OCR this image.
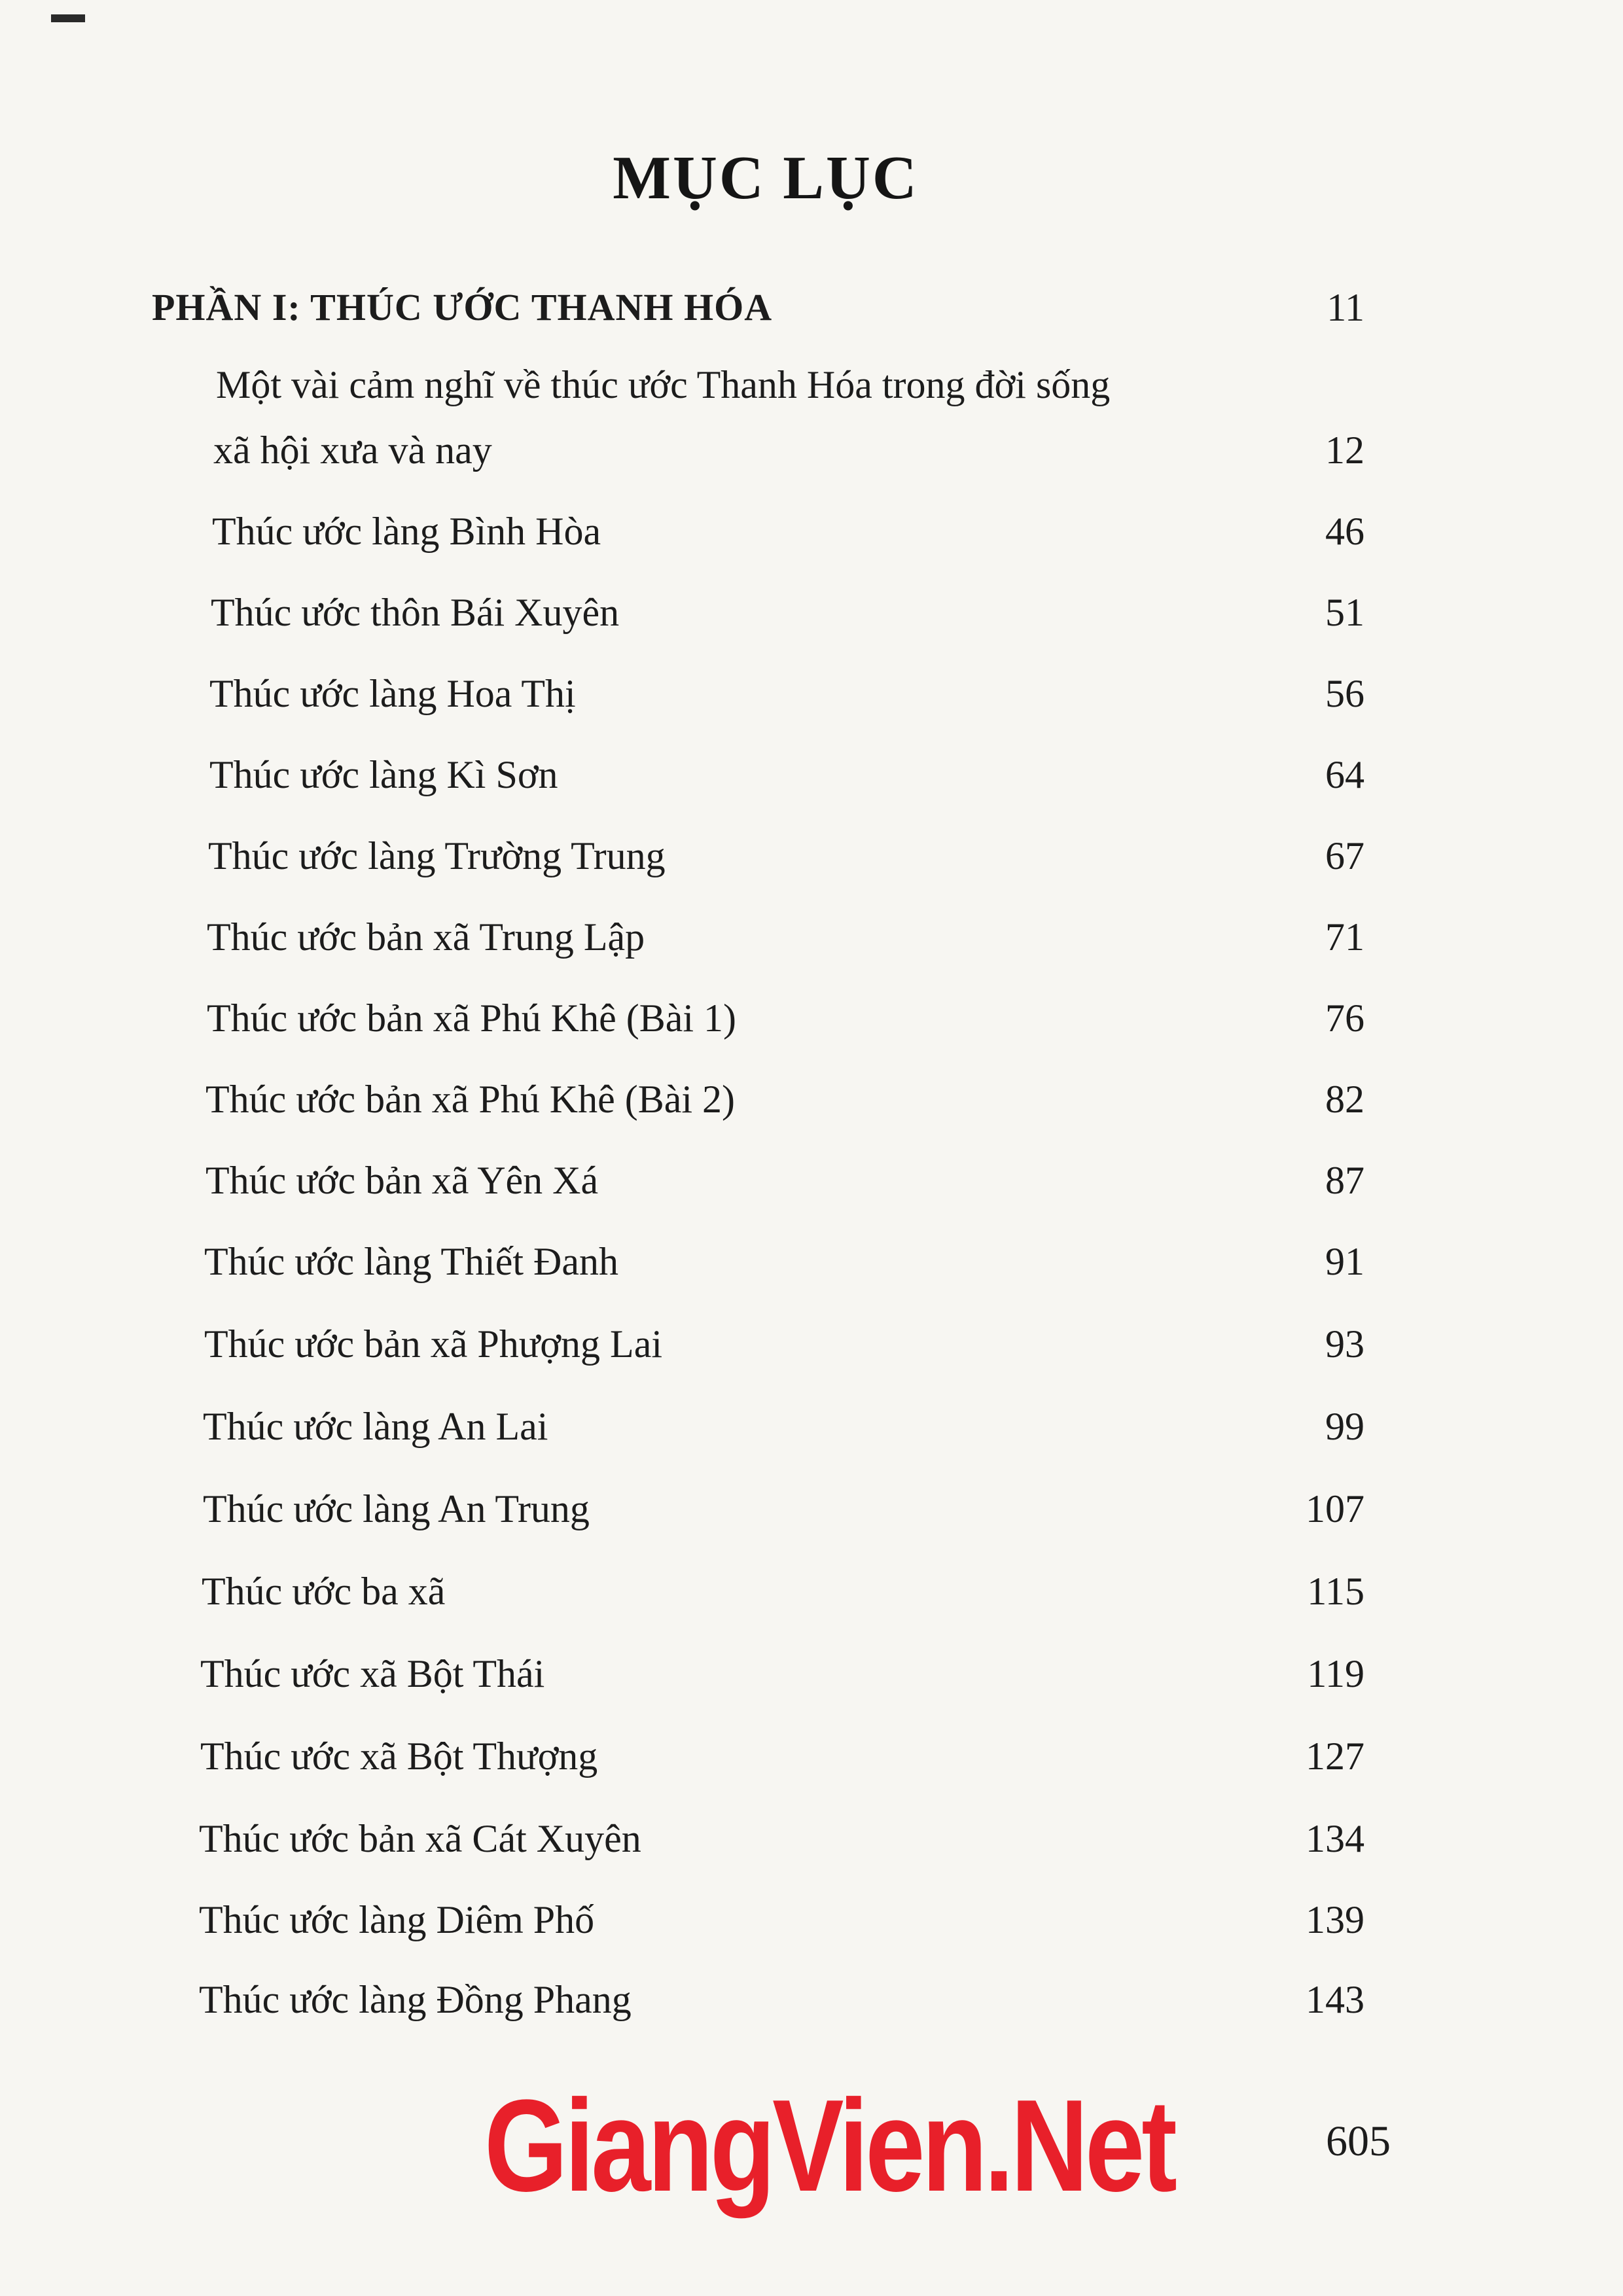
MỤC LỤC
PHẦN I: THÚC ƯỚC THANH HÓA	11
Một vài cảm nghĩ về thúc ước Thanh Hóa trong đời sống
xã hội xưa và nay	12
Thúc ước làng Bình Hòa	46
Thúc ước thôn Bái Xuyên	51
Thúc ước làng Hoa Thị	56
Thúc ước làng Kì Sơn	64
Thúc ước làng Trường Trung	67
Thúc ước bản xã Trung Lập	71
Thúc ước bản xã Phú Khê (Bài 1)	76
Thúc ước bản xã Phú Khê (Bài 2)	82
Thúc ước bản xã Yên Xá	87
Thúc ước làng Thiết Đanh	91
Thúc ước bản xã Phượng Lai	93
Thúc ước làng An Lai	99
Thúc ước làng An Trung	107
Thúc ước ba xã	115
Thúc ước xã Bột Thái	119
Thúc ước xã Bột Thượng	127
Thúc ước bản xã Cát Xuyên	134
Thúc ước làng Diêm Phố	139
Thúc ước làng Đồng Phang	143
GiangVien.Net	605
